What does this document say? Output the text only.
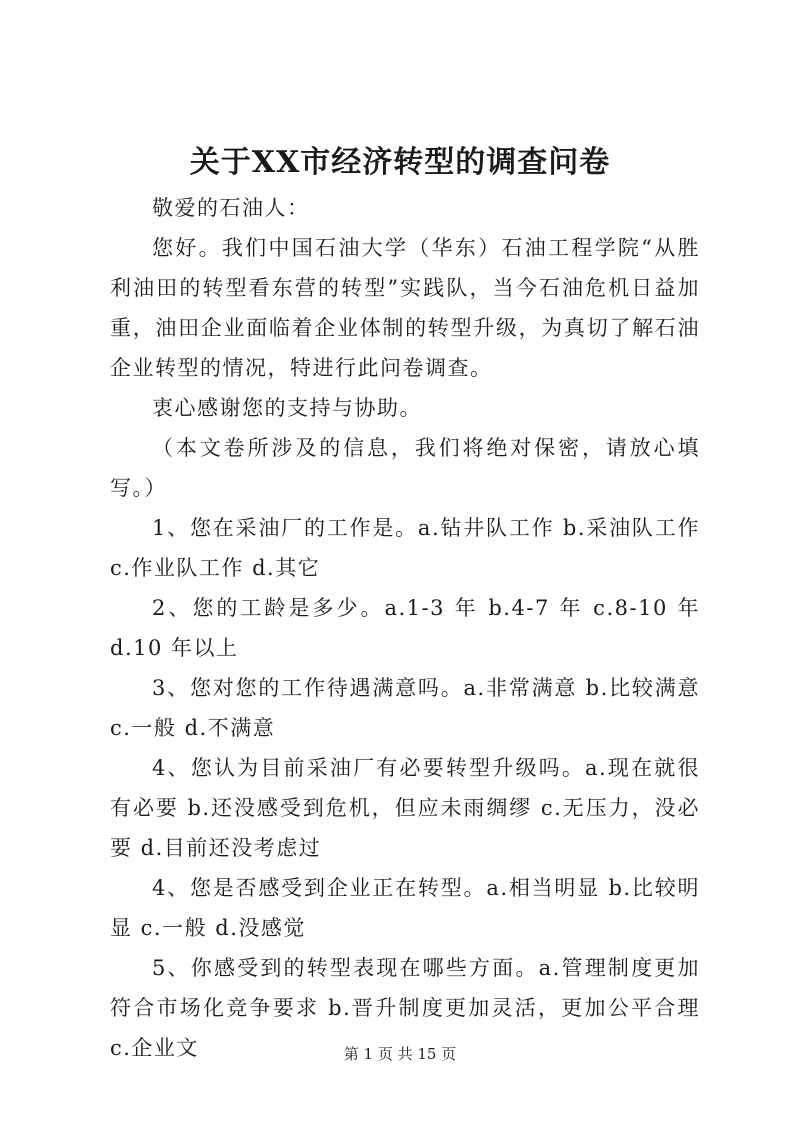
关于XX市经济转型的调查问卷

敬爱的石油人：

您好。我们中国石油大学（华东）石油工程学院“从胜利油田的转型看东营的转型”实践队，当今石油危机日益加重，油田企业面临着企业体制的转型升级，为真切了解石油企业转型的情况，特进行此问卷调查。

衷心感谢您的支持与协助。

（本文卷所涉及的信息，我们将绝对保密，请放心填写。）

1、您在采油厂的工作是。a.钻井队工作 b.采油队工作 c.作业队工作 d.其它

2、您的工龄是多少。a.1-3 年 b.4-7 年 c.8-10 年 d.10 年以上

3、您对您的工作待遇满意吗。a.非常满意 b.比较满意 c.一般 d.不满意

4、您认为目前采油厂有必要转型升级吗。a.现在就很有必要 b.还没感受到危机，但应未雨绸缪 c.无压力，没必要 d.目前还没考虑过

4、您是否感受到企业正在转型。a.相当明显 b.比较明显 c.一般 d.没感觉

5、你感受到的转型表现在哪些方面。a.管理制度更加符合市场化竞争要求 b.晋升制度更加灵活，更加公平合理 c.企业文	第 1 页 共 15 页
